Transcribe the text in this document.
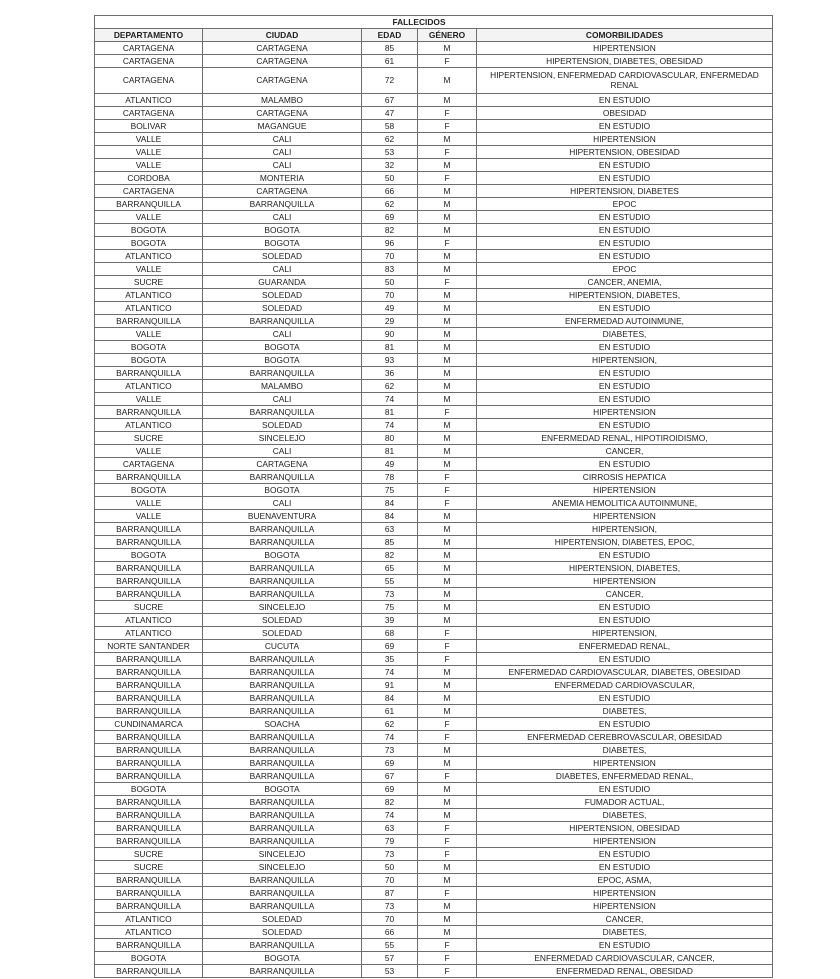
		FALLECIDOS		
DEPARTAMENTO	CIUDAD	EDAD	GÉNERO	COMORBILIDADES
CARTAGENA	CARTAGENA	85	M	HIPERTENSION
CARTAGENA	CARTAGENA	61	F	HIPERTENSION, DIABETES, OBESIDAD
CARTAGENA	CARTAGENA	72	M	HIPERTENSION, ENFERMEDAD CARDIOVASCULAR, ENFERMEDAD RENAL
ATLANTICO	MALAMBO	67	M	EN ESTUDIO
CARTAGENA	CARTAGENA	47	F	OBESIDAD
BOLIVAR	MAGANGUE	58	F	EN ESTUDIO
VALLE	CALI	62	M	HIPERTENSION
VALLE	CALI	53	F	HIPERTENSION, OBESIDAD
VALLE	CALI	32	M	EN ESTUDIO
CORDOBA	MONTERIA	50	F	EN ESTUDIO
CARTAGENA	CARTAGENA	66	M	HIPERTENSION, DIABETES
BARRANQUILLA	BARRANQUILLA	62	M	EPOC
VALLE	CALI	69	M	EN ESTUDIO
BOGOTA	BOGOTA	82	M	EN ESTUDIO
BOGOTA	BOGOTA	96	F	EN ESTUDIO
ATLANTICO	SOLEDAD	70	M	EN ESTUDIO
VALLE	CALI	83	M	EPOC
SUCRE	GUARANDA	50	F	CANCER, ANEMIA,
ATLANTICO	SOLEDAD	70	M	HIPERTENSION, DIABETES,
ATLANTICO	SOLEDAD	49	M	EN ESTUDIO
BARRANQUILLA	BARRANQUILLA	29	M	ENFERMEDAD AUTOINMUNE,
VALLE	CALI	90	M	DIABETES,
BOGOTA	BOGOTA	81	M	EN ESTUDIO
BOGOTA	BOGOTA	93	M	HIPERTENSION,
BARRANQUILLA	BARRANQUILLA	36	M	EN ESTUDIO
ATLANTICO	MALAMBO	62	M	EN ESTUDIO
VALLE	CALI	74	M	EN ESTUDIO
BARRANQUILLA	BARRANQUILLA	81	F	HIPERTENSION
ATLANTICO	SOLEDAD	74	M	EN ESTUDIO
SUCRE	SINCELEJO	80	M	ENFERMEDAD RENAL, HIPOTIROIDISMO,
VALLE	CALI	81	M	CANCER,
CARTAGENA	CARTAGENA	49	M	EN ESTUDIO
BARRANQUILLA	BARRANQUILLA	78	F	CIRROSIS HEPATICA
BOGOTA	BOGOTA	75	F	HIPERTENSION
VALLE	CALI	84	F	ANEMIA HEMOLITICA AUTOINMUNE,
VALLE	BUENAVENTURA	84	M	HIPERTENSION
BARRANQUILLA	BARRANQUILLA	63	M	HIPERTENSION,
BARRANQUILLA	BARRANQUILLA	85	M	HIPERTENSION, DIABETES, EPOC,
BOGOTA	BOGOTA	82	M	EN ESTUDIO
BARRANQUILLA	BARRANQUILLA	65	M	HIPERTENSION, DIABETES,
BARRANQUILLA	BARRANQUILLA	55	M	HIPERTENSION
BARRANQUILLA	BARRANQUILLA	73	M	CANCER,
SUCRE	SINCELEJO	75	M	EN ESTUDIO
ATLANTICO	SOLEDAD	39	M	EN ESTUDIO
ATLANTICO	SOLEDAD	68	F	HIPERTENSION,
NORTE SANTANDER	CUCUTA	69	F	ENFERMEDAD RENAL,
BARRANQUILLA	BARRANQUILLA	35	F	EN ESTUDIO
BARRANQUILLA	BARRANQUILLA	74	M	ENFERMEDAD CARDIOVASCULAR, DIABETES, OBESIDAD
BARRANQUILLA	BARRANQUILLA	91	M	ENFERMEDAD CARDIOVASCULAR,
BARRANQUILLA	BARRANQUILLA	84	M	EN ESTUDIO
BARRANQUILLA	BARRANQUILLA	61	M	DIABETES,
CUNDINAMARCA	SOACHA	62	F	EN ESTUDIO
BARRANQUILLA	BARRANQUILLA	74	F	ENFERMEDAD CEREBROVASCULAR, OBESIDAD
BARRANQUILLA	BARRANQUILLA	73	M	DIABETES,
BARRANQUILLA	BARRANQUILLA	69	M	HIPERTENSION
BARRANQUILLA	BARRANQUILLA	67	F	DIABETES, ENFERMEDAD RENAL,
BOGOTA	BOGOTA	69	M	EN ESTUDIO
BARRANQUILLA	BARRANQUILLA	82	M	FUMADOR ACTUAL,
BARRANQUILLA	BARRANQUILLA	74	M	DIABETES,
BARRANQUILLA	BARRANQUILLA	63	F	HIPERTENSION, OBESIDAD
BARRANQUILLA	BARRANQUILLA	79	F	HIPERTENSION
SUCRE	SINCELEJO	73	F	EN ESTUDIO
SUCRE	SINCELEJO	50	M	EN ESTUDIO
BARRANQUILLA	BARRANQUILLA	70	M	EPOC, ASMA,
BARRANQUILLA	BARRANQUILLA	87	F	HIPERTENSION
BARRANQUILLA	BARRANQUILLA	73	M	HIPERTENSION
ATLANTICO	SOLEDAD	70	M	CANCER,
ATLANTICO	SOLEDAD	66	M	DIABETES,
BARRANQUILLA	BARRANQUILLA	55	F	EN ESTUDIO
BOGOTA	BOGOTA	57	F	ENFERMEDAD CARDIOVASCULAR, CANCER,
BARRANQUILLA	BARRANQUILLA	53	F	ENFERMEDAD RENAL, OBESIDAD
